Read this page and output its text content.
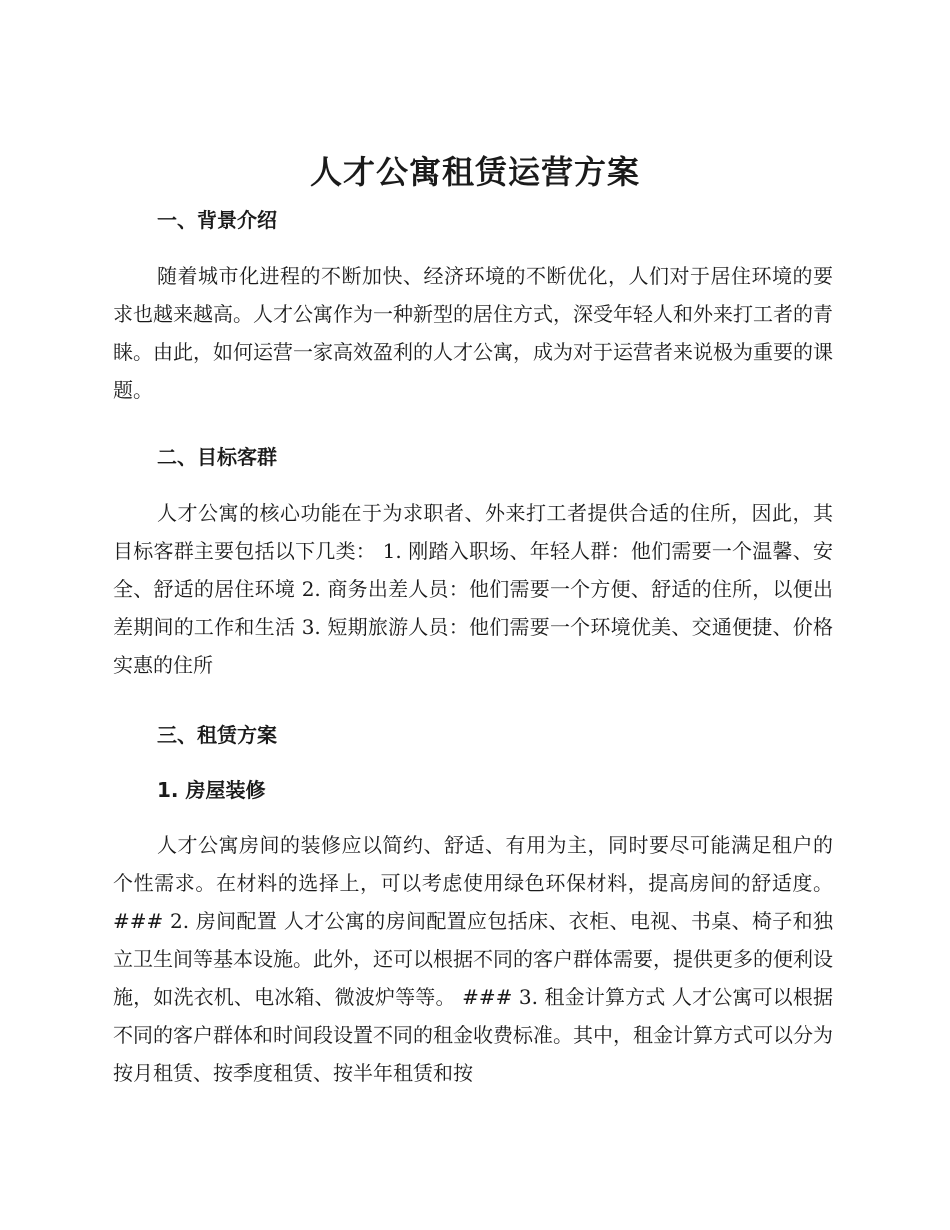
人才公寓租赁运营方案
一、背景介绍

随着城市化进程的不断加快、经济环境的不断优化，人们对于居住环境的要求也越来越高。人才公寓作为一种新型的居住方式，深受年轻人和外来打工者的青睐。由此，如何运营一家高效盈利的人才公寓，成为对于运营者来说极为重要的课题。

二、目标客群

人才公寓的核心功能在于为求职者、外来打工者提供合适的住所，因此，其目标客群主要包括以下几类： 1. 刚踏入职场、年轻人群：他们需要一个温馨、安全、舒适的居住环境 2. 商务出差人员：他们需要一个方便、舒适的住所，以便出差期间的工作和生活 3. 短期旅游人员：他们需要一个环境优美、交通便捷、价格实惠的住所

三、租赁方案
1. 房屋装修

人才公寓房间的装修应以简约、舒适、有用为主，同时要尽可能满足租户的个性需求。在材料的选择上，可以考虑使用绿色环保材料，提高房间的舒适度。 ### 2. 房间配置 人才公寓的房间配置应包括床、衣柜、电视、书桌、椅子和独立卫生间等基本设施。此外，还可以根据不同的客户群体需要，提供更多的便利设施，如洗衣机、电冰箱、微波炉等等。 ### 3. 租金计算方式 人才公寓可以根据不同的客户群体和时间段设置不同的租金收费标准。其中，租金计算方式可以分为按月租赁、按季度租赁、按半年租赁和按
